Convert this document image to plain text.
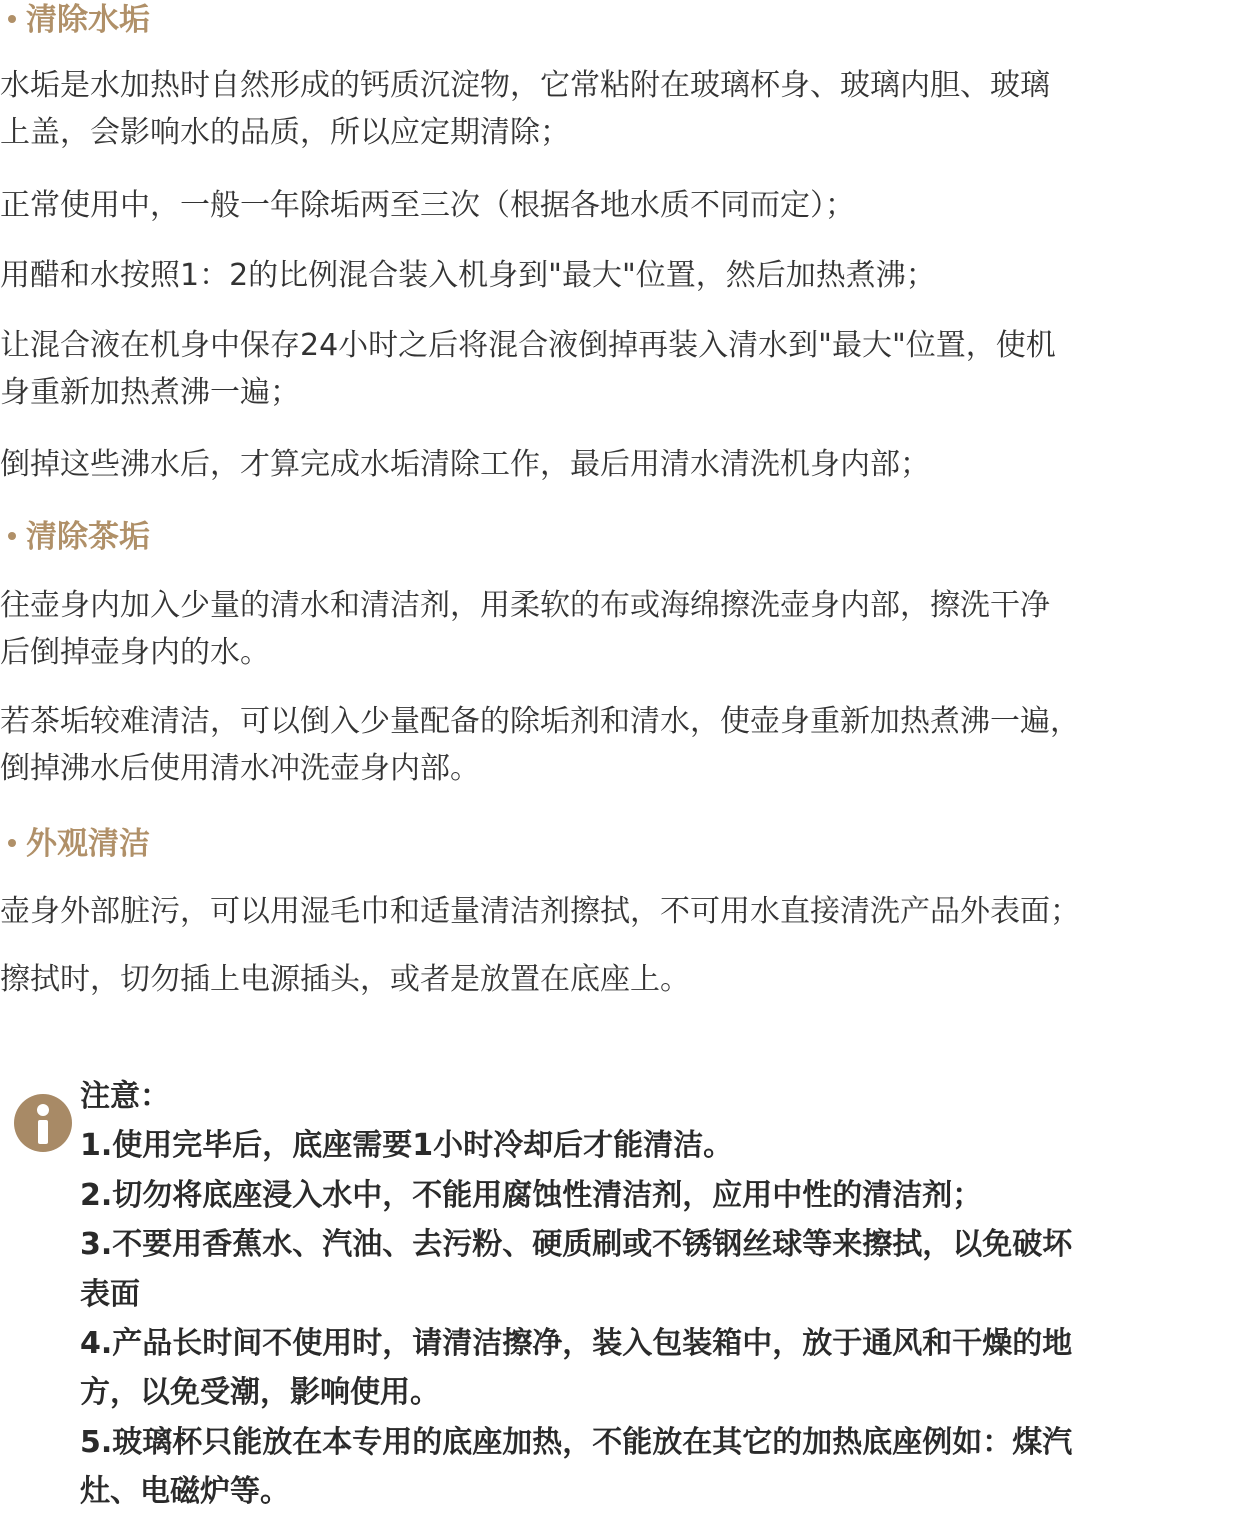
清除水垢
水垢是水加热时自然形成的钙质沉淀物，它常粘附在玻璃杯身、玻璃内胆、玻璃
上盖，会影响水的品质，所以应定期清除；
正常使用中，一般一年除垢两至三次（根据各地水质不同而定）；
用醋和水按照1：2的比例混合装入机身到"最大"位置，然后加热煮沸；
让混合液在机身中保存24小时之后将混合液倒掉再装入清水到"最大"位置，使机
身重新加热煮沸一遍；
倒掉这些沸水后，才算完成水垢清除工作，最后用清水清洗机身内部；
清除茶垢
往壶身内加入少量的清水和清洁剂，用柔软的布或海绵擦洗壶身内部，擦洗干净
后倒掉壶身内的水。
若茶垢较难清洁，可以倒入少量配备的除垢剂和清水，使壶身重新加热煮沸一遍，
倒掉沸水后使用清水冲洗壶身内部。
外观清洁
壶身外部脏污，可以用湿毛巾和适量清洁剂擦拭，不可用水直接清洗产品外表面；
擦拭时，切勿插上电源插头，或者是放置在底座上。
注意：
1.使用完毕后，底座需要1小时冷却后才能清洁。
2.切勿将底座浸入水中，不能用腐蚀性清洁剂，应用中性的清洁剂；
3.不要用香蕉水、汽油、去污粉、硬质刷或不锈钢丝球等来擦拭，以免破坏
表面
4.产品长时间不使用时，请清洁擦净，装入包装箱中，放于通风和干燥的地
方，以免受潮，影响使用。
5.玻璃杯只能放在本专用的底座加热，不能放在其它的加热底座例如：煤汽
灶、电磁炉等。
